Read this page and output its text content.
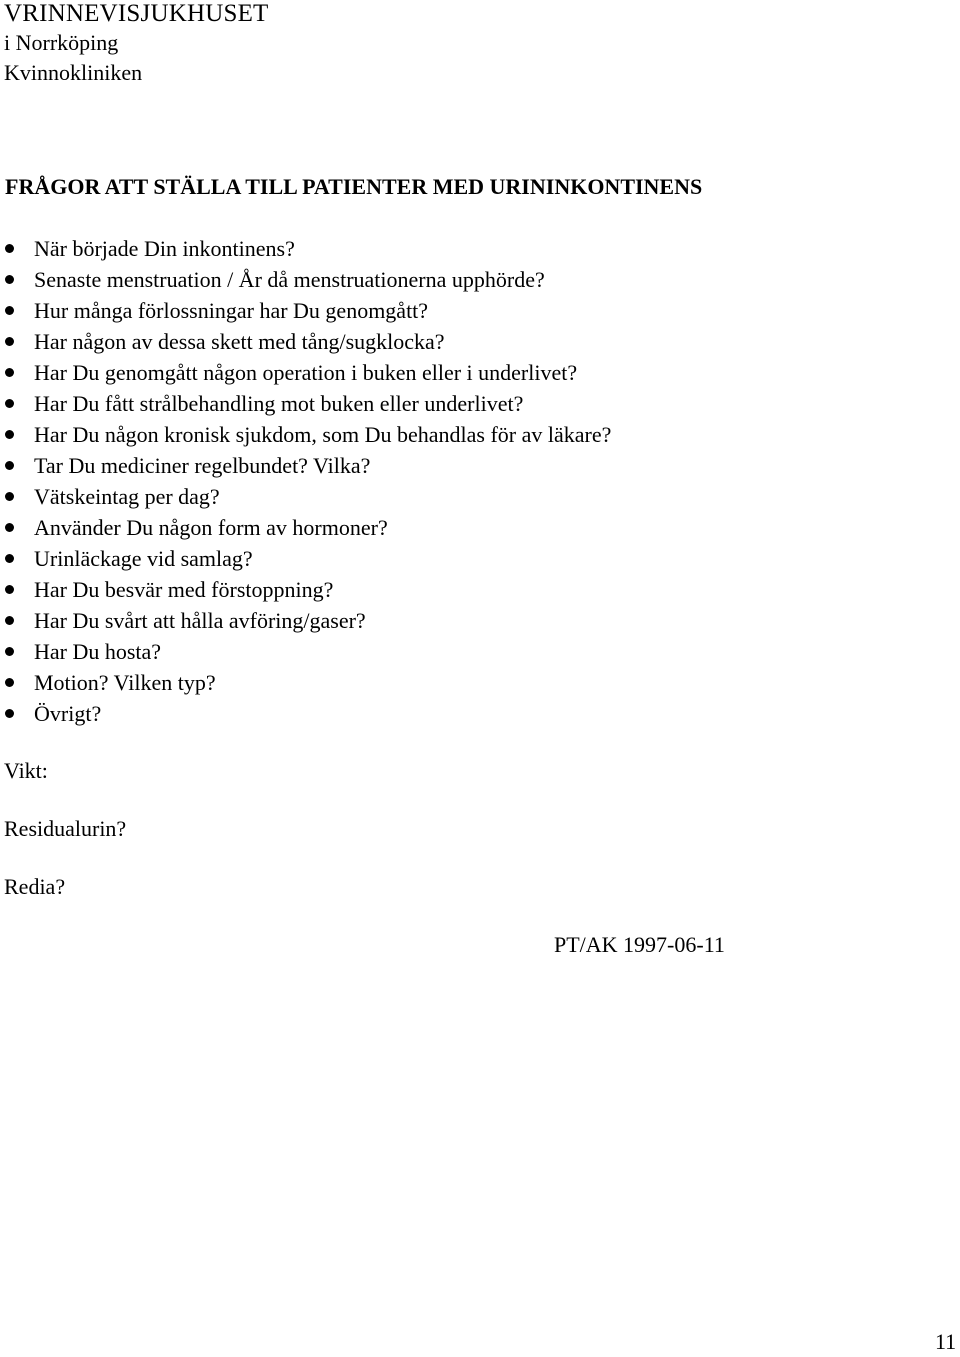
VRINNEVISJUKHUSET
i Norrköping
Kvinnokliniken
FRÅGOR ATT STÄLLA TILL PATIENTER MED URININKONTINENS
När började Din inkontinens?
Senaste menstruation / År då menstruationerna upphörde?
Hur många förlossningar har Du genomgått?
Har någon av dessa skett med tång/sugklocka?
Har Du genomgått någon operation i buken eller i underlivet?
Har Du fått strålbehandling mot buken eller underlivet?
Har Du någon kronisk sjukdom, som Du behandlas för av läkare?
Tar Du mediciner regelbundet? Vilka?
Vätskeintag per dag?
Använder Du någon form av hormoner?
Urinläckage vid samlag?
Har Du besvär med förstoppning?
Har Du svårt att hålla avföring/gaser?
Har Du hosta?
Motion? Vilken typ?
Övrigt?
Vikt:
Residualurin?
Redia?
PT/AK 1997-06-11
11
